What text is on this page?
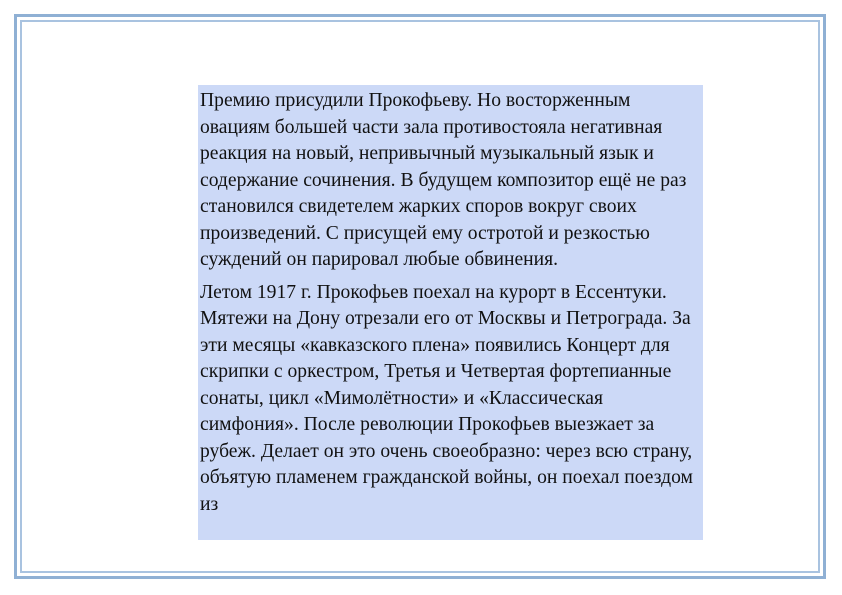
Премию присудили Прокофьеву. Но восторженным овациям большей части зала противостояла негативная реакция на новый, непривычный музыкальный язык и содержание сочинения. В будущем композитор ещё не раз становился свидетелем жарких споров вокруг своих произведений. С присущей ему остротой и резкостью суждений он парировал любые обвинения.

Летом 1917 г. Прокофьев поехал на курорт в Ессентуки. Мятежи на Дону отрезали его от Москвы и Петрограда. За эти месяцы «кавказского плена» появились Концерт для скрипки с оркестром, Третья и Четвертая фортепианные сонаты, цикл «Мимолётности» и «Классическая симфония». После революции Прокофьев выезжает за рубеж. Делает он это очень своеобразно: через всю страну, объятую пламенем гражданской войны, он поехал поездом из
